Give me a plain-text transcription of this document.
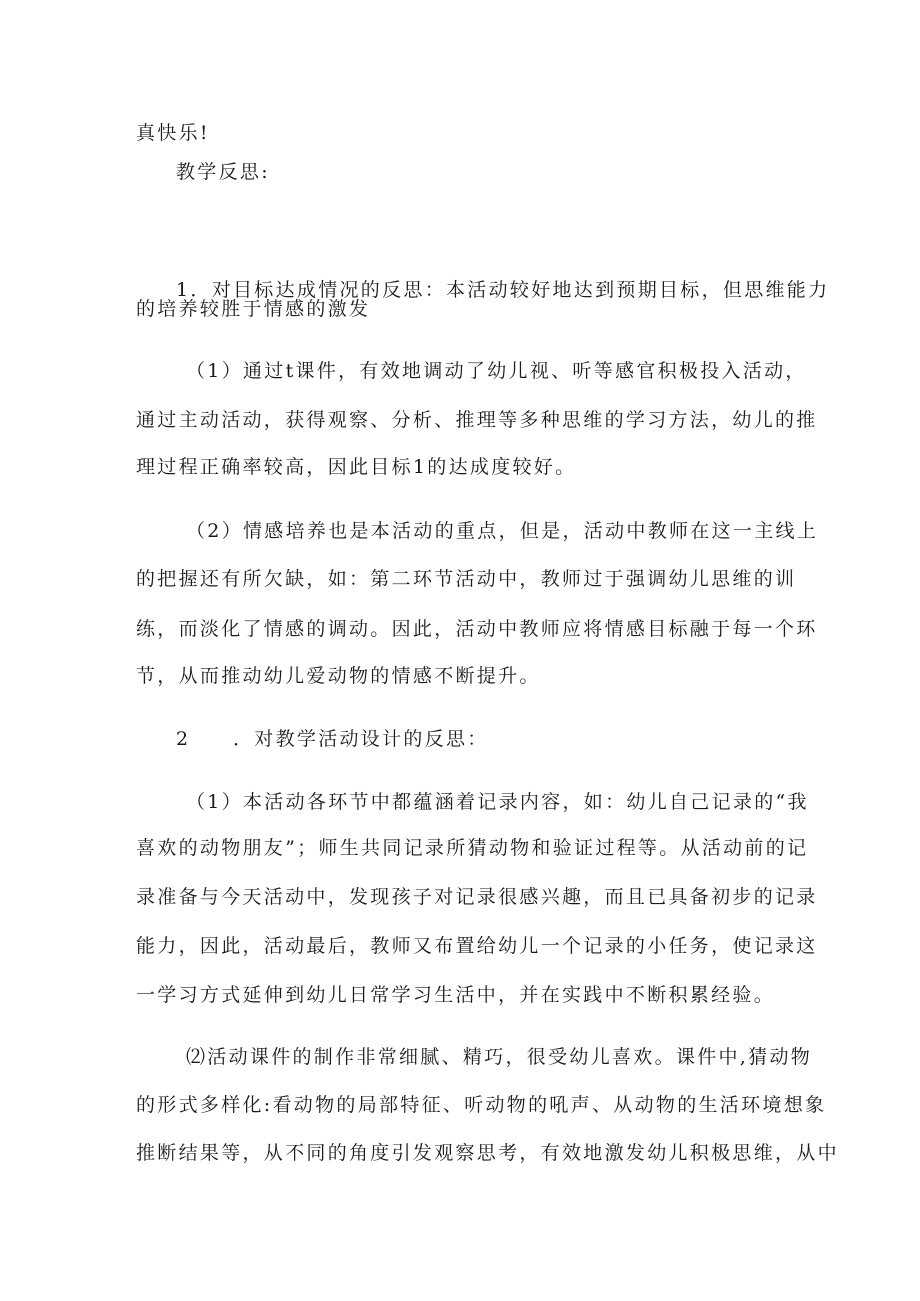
真快乐!

教学反思:

1．对目标达成情况的反思：本活动较好地达到预期目标，但思维能力

的培养较胜于情感的激发

（1）通过t课件，有效地调动了幼儿视、听等感官积极投入活动，

通过主动活动，获得观察、分析、推理等多种思维的学习方法，幼儿的推

理过程正确率较高，因此目标1的达成度较好。

（2）情感培养也是本活动的重点，但是，活动中教师在这一主线上

的把握还有所欠缺，如：第二环节活动中，教师过于强调幼儿思维的训

练，而淡化了情感的调动。因此，活动中教师应将情感目标融于每一个环

节，从而推动幼儿爱动物的情感不断提升。

2　　．对教学活动设计的反思：

（1）本活动各环节中都蕴涵着记录内容，如：幼儿自己记录的“我

喜欢的动物朋友”；师生共同记录所猜动物和验证过程等。从活动前的记

录准备与今天活动中，发现孩子对记录很感兴趣，而且已具备初步的记录

能力，因此，活动最后，教师又布置给幼儿一个记录的小任务，使记录这

一学习方式延伸到幼儿日常学习生活中，并在实践中不断积累经验。

⑵活动课件的制作非常细腻、精巧，很受幼儿喜欢。课件中,猜动物

的形式多样化:看动物的局部特征、听动物的吼声、从动物的生活环境想象

推断结果等，从不同的角度引发观察思考，有效地激发幼儿积极思维，从中
